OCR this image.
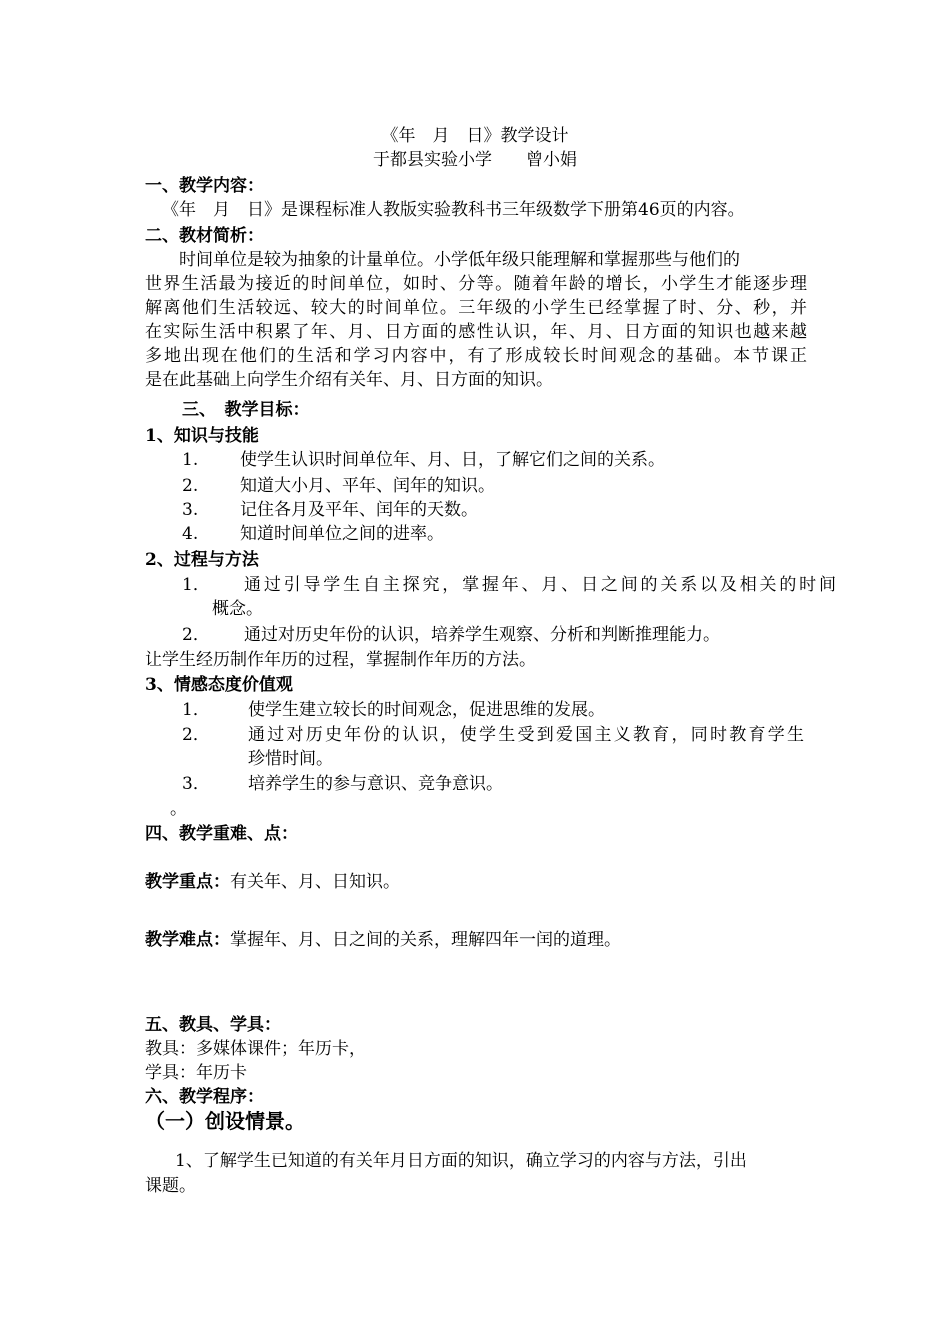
《年　月　日》教学设计
于都县实验小学　　曾小娟
一、教学内容：
《年　月　日》是课程标准人教版实验教科书三年级数学下册第46页的内容。
二、教材简析：
时间单位是较为抽象的计量单位。小学低年级只能理解和掌握那些与他们的
世界生活最为接近的时间单位，如时、分等。随着年龄的增长，小学生才能逐步理
解离他们生活较远、较大的时间单位。三年级的小学生已经掌握了时、分、秒，并
在实际生活中积累了年、月、日方面的感性认识，年、月、日方面的知识也越来越
多地出现在他们的生活和学习内容中，有了形成较长时间观念的基础。本节课正
是在此基础上向学生介绍有关年、月、日方面的知识。
三、　教学目标：
1、知识与技能
1. 使学生认识时间单位年、月、日，了解它们之间的关系。
2. 知道大小月、平年、闰年的知识。
3. 记住各月及平年、闰年的天数。
4. 知道时间单位之间的进率。
2、过程与方法
1． 通过引导学生自主探究，掌握年、月、日之间的关系以及相关的时间
概念。
2． 通过对历史年份的认识，培养学生观察、分析和判断推理能力。
让学生经历制作年历的过程，掌握制作年历的方法。
3、情感态度价值观
1． 使学生建立较长的时间观念，促进思维的发展。
2． 通过对历史年份的认识，使学生受到爱国主义教育，同时教育学生
珍惜时间。
3． 培养学生的参与意识、竞争意识。
。
四、教学重难、点：
教学重点：有关年、月、日知识。
教学难点：掌握年、月、日之间的关系，理解四年一闰的道理。
五、教具、学具：
教具：多媒体课件；年历卡，
学具：年历卡
六、教学程序：
（一）创设情景。
1、了解学生已知道的有关年月日方面的知识，确立学习的内容与方法，引出
课题。
